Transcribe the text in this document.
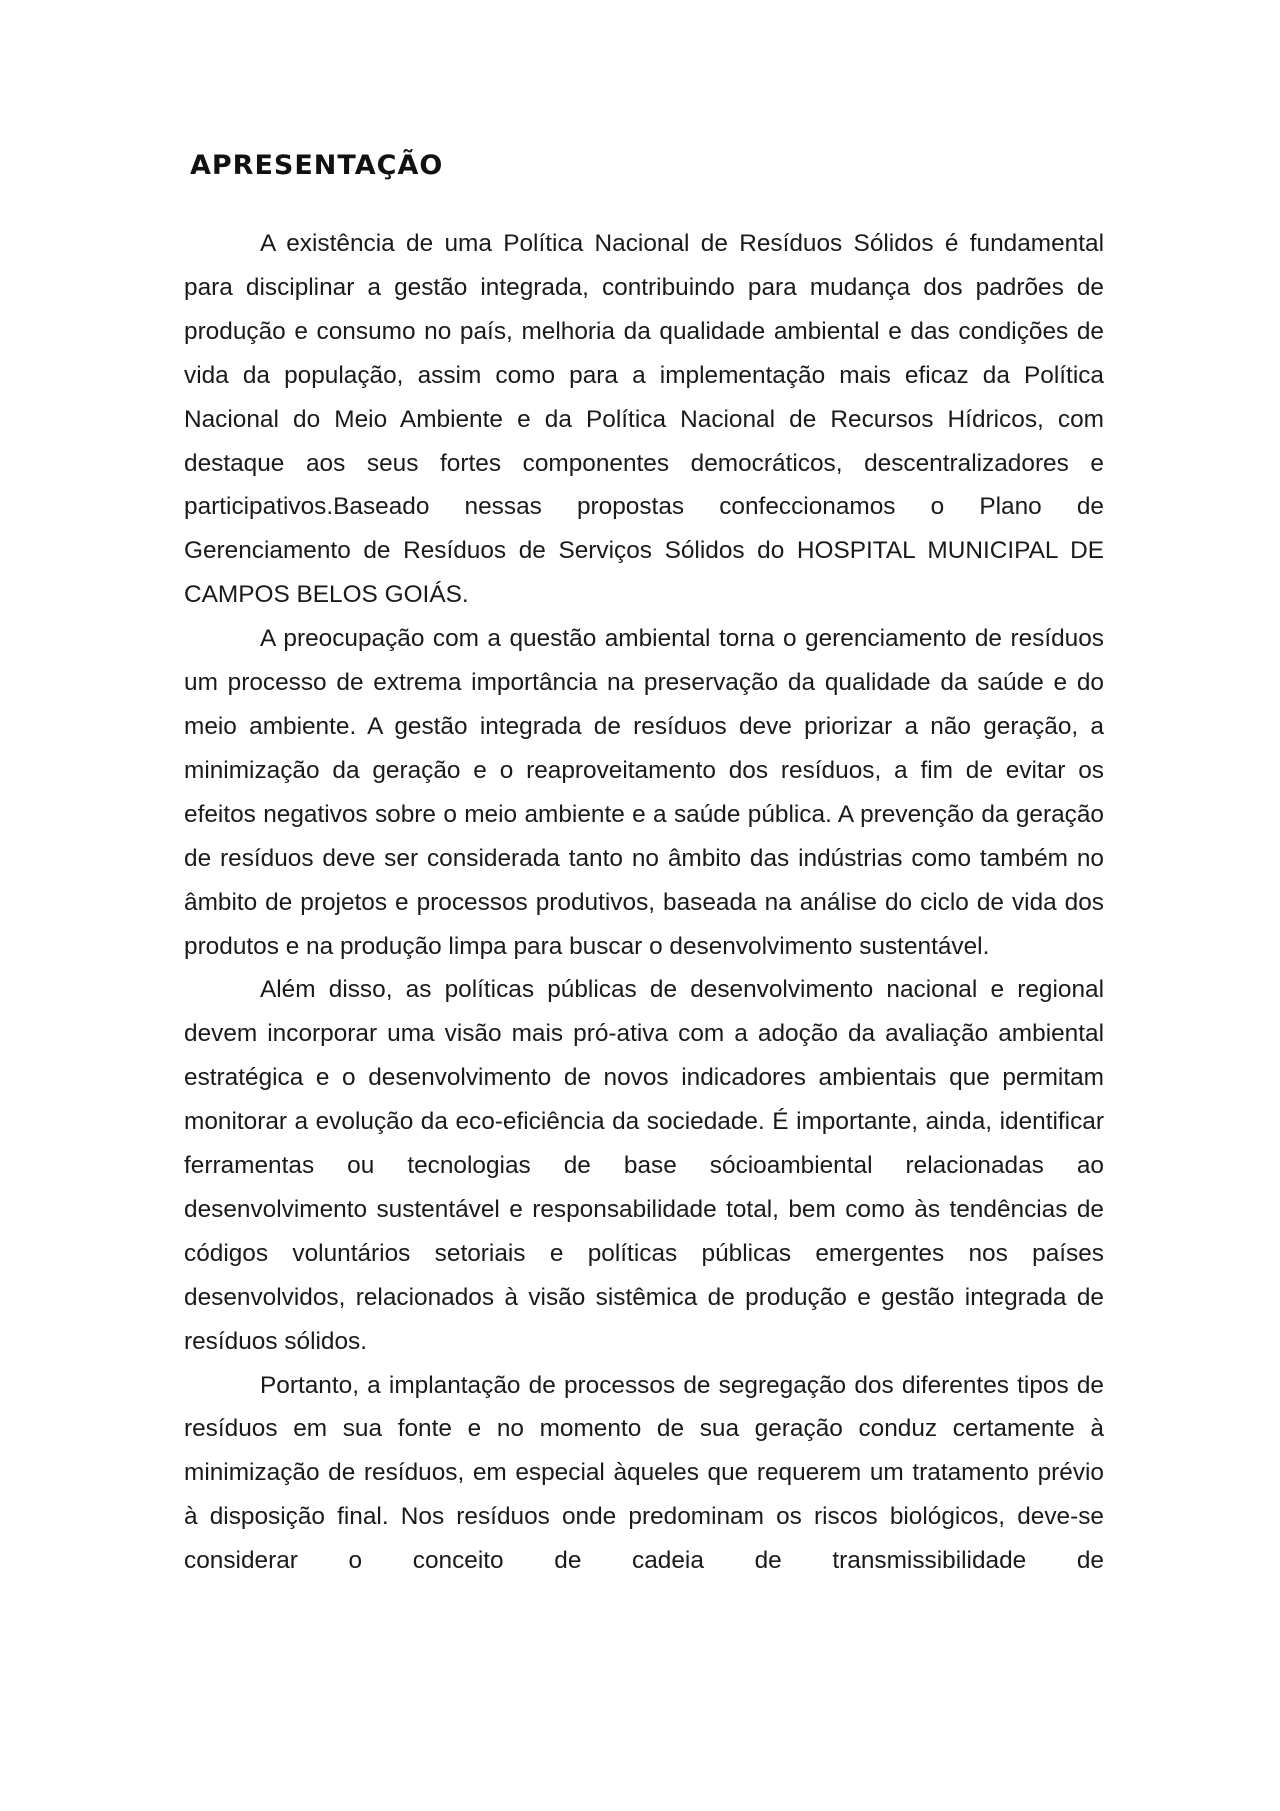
APRESENTAÇÃO

A existência de uma Política Nacional de Resíduos Sólidos é fundamental para disciplinar a gestão integrada, contribuindo para mudança dos padrões de produção e consumo no país, melhoria da qualidade ambiental e das condições de vida da população, assim como para a implementação mais eficaz da Política Nacional do Meio Ambiente e da Política Nacional de Recursos Hídricos, com destaque aos seus fortes componentes democráticos, descentralizadores e participativos.Baseado nessas propostas confeccionamos o Plano de Gerenciamento de Resíduos de Serviços Sólidos do HOSPITAL MUNICIPAL DE CAMPOS BELOS GOIÁS.

A preocupação com a questão ambiental torna o gerenciamento de resíduos um processo de extrema importância na preservação da qualidade da saúde e do meio ambiente. A gestão integrada de resíduos deve priorizar a não geração, a minimização da geração e o reaproveitamento dos resíduos, a fim de evitar os efeitos negativos sobre o meio ambiente e a saúde pública. A prevenção da geração de resíduos deve ser considerada tanto no âmbito das indústrias como também no âmbito de projetos e processos produtivos, baseada na análise do ciclo de vida dos produtos e na produção limpa para buscar o desenvolvimento sustentável.

Além disso, as políticas públicas de desenvolvimento nacional e regional devem incorporar uma visão mais pró-ativa com a adoção da avaliação ambiental estratégica e o desenvolvimento de novos indicadores ambientais que permitam monitorar a evolução da eco-eficiência da sociedade. É importante, ainda, identificar ferramentas ou tecnologias de base sócioambiental relacionadas ao desenvolvimento sustentável e responsabilidade total, bem como às tendências de códigos voluntários setoriais e políticas públicas emergentes nos países desenvolvidos, relacionados à visão sistêmica de produção e gestão integrada de resíduos sólidos.

Portanto, a implantação de processos de segregação dos diferentes tipos de resíduos em sua fonte e no momento de sua geração conduz certamente à minimização de resíduos, em especial àqueles que requerem um tratamento prévio à disposição final. Nos resíduos onde predominam os riscos biológicos, deve-se considerar o conceito de cadeia de transmissibilidade de
